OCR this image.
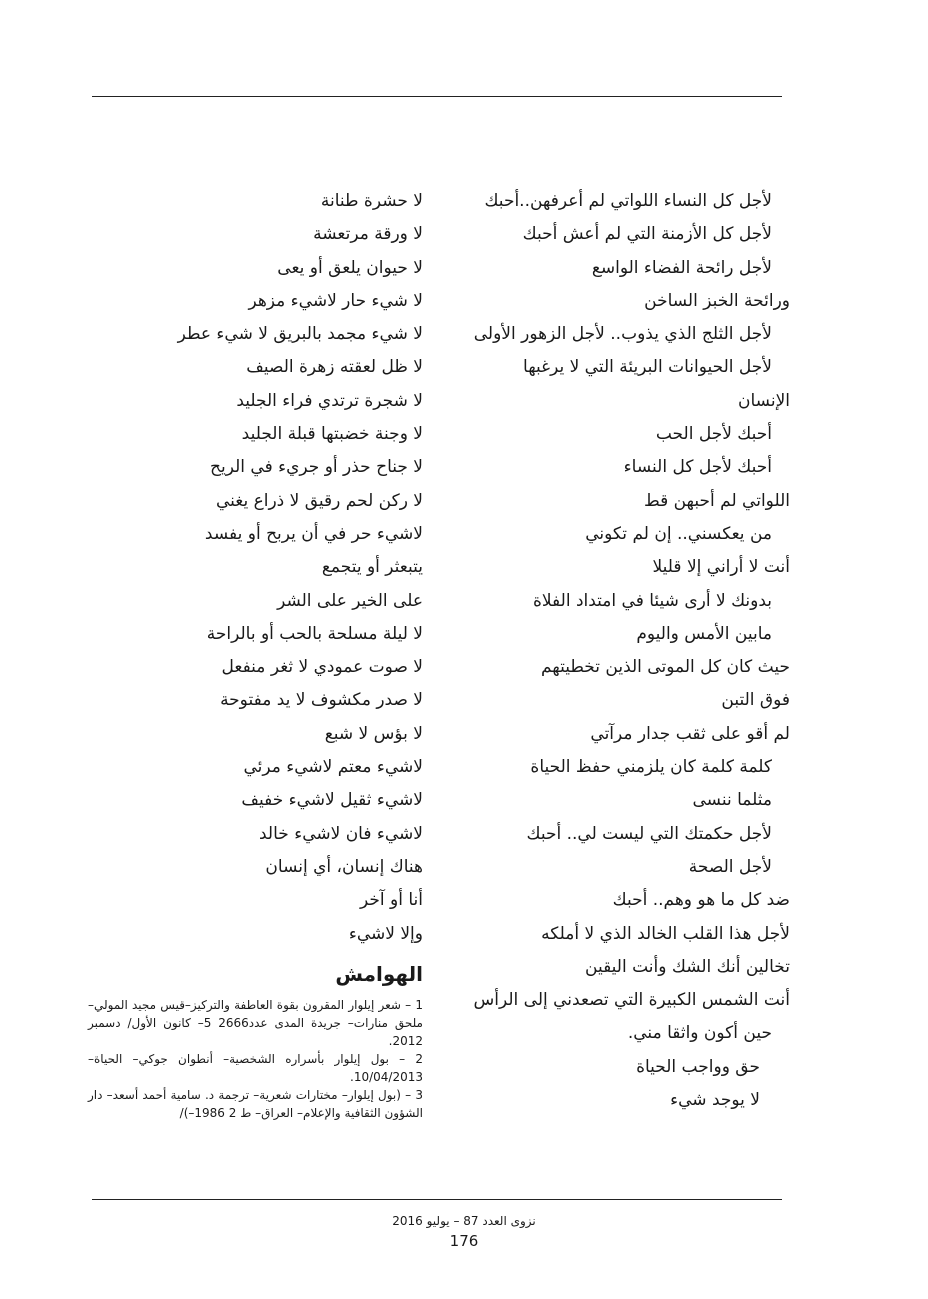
لأجل كل النساء اللواتي لم أعرفهن..أحبك
لأجل كل الأزمنة التي لم أعش أحبك
لأجل رائحة الفضاء الواسع
ورائحة الخبز الساخن
لأجل الثلج الذي يذوب.. لأجل الزهور الأولى
لأجل الحيوانات البريئة التي لا يرغبها
الإنسان
أحبك لأجل الحب
أحبك لأجل كل النساء
اللواتي لم أحبهن قط
من يعكسني.. إن لم تكوني
أنت لا أراني إلا قليلا
بدونك لا أرى شيئا في امتداد الفلاة
مابين الأمس واليوم
حيث كان كل الموتى الذين تخطيتهم
فوق التبن
لم أقو على ثقب جدار مرآتي
كلمة كلمة كان يلزمني حفظ الحياة
مثلما ننسى
لأجل حكمتك التي ليست لي.. أحبك
لأجل الصحة
ضد كل ما هو وهم.. أحبك
لأجل هذا القلب الخالد الذي لا أملكه
تخالين أنك الشك وأنت اليقين
أنت الشمس الكبيرة التي تصعدني إلى الرأس
حين أكون واثقا مني.
حق وواجب الحياة
لا يوجد شيء
لا حشرة طنانة
لا ورقة مرتعشة
لا حيوان يلعق أو يعى
لا شيء حار لاشيء مزهر
لا شيء مجمد بالبريق لا شيء عطر
لا ظل لعقته زهرة الصيف
لا شجرة ترتدي فراء الجليد
لا وجنة خضبتها قبلة الجليد
لا جناح حذر أو جريء في الريح
لا ركن لحم رقيق لا ذراع يغني
لاشيء حر في أن يربح أو يفسد
يتبعثر أو يتجمع
على الخير على الشر
لا ليلة مسلحة بالحب أو بالراحة
لا صوت عمودي لا ثغر منفعل
لا صدر مكشوف لا يد مفتوحة
لا بؤس لا شبع
لاشيء معتم لاشيء مرئي
لاشيء ثقيل لاشيء خفيف
لاشيء فان لاشيء خالد
هناك إنسان، أي إنسان
أنا أو آخر
وإلا لاشيء
الهوامش

1 – شعر إيلوار المقرون بقوة العاطفة والتركيز–قيس مجيد المولي– ملحق منارات– جريدة المدى عدد2666 5– كانون الأول/ دسمبر 2012.

2 – بول إيلوار بأسراره الشخصية– أنطوان جوكي– الحياة– 10/04/2013.

3 – (بول إيلوار– مختارات شعرية– ترجمة د. سامية أحمد أسعد– دار الشؤون الثقافية والإعلام– العراق– ط 2 1986–)/

نزوى العدد 87 – يوليو 2016
176
